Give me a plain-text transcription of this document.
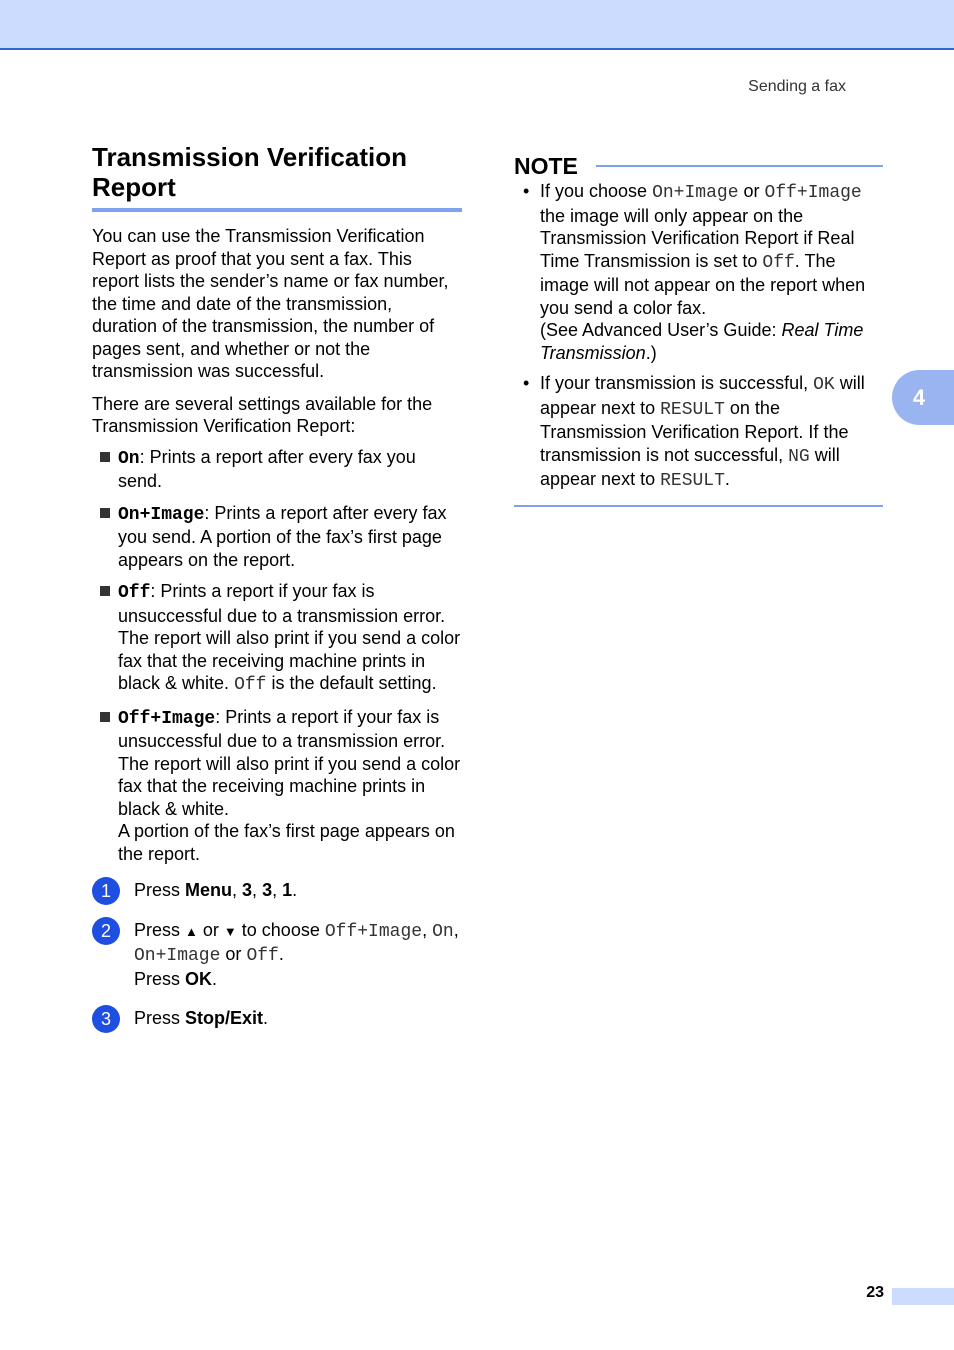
Sending a fax
4
Transmission Verification
Report

You can use the Transmission Verification Report as proof that you sent a fax. This report lists the sender’s name or fax number, the time and date of the transmission, duration of the transmission, the number of pages sent, and whether or not the transmission was successful.

There are several settings available for the Transmission Verification Report:

On: Prints a report after every fax you send.
On+Image: Prints a report after every fax you send. A portion of the fax’s first page appears on the report.
Off: Prints a report if your fax is unsuccessful due to a transmission error. The report will also print if you send a color fax that the receiving machine prints in black & white. Off is the default setting.
Off+Image: Prints a report if your fax is unsuccessful due to a transmission error. The report will also print if you send a color fax that the receiving machine prints in black & white.
A portion of the fax’s first page appears on the report.
1	Press Menu, 3, 3, 1.
2	Press ▲ or ▼ to choose Off+Image, On, On+Image or Off.
Press OK.
3	Press Stop/Exit.
NOTE
• If you choose On+Image or Off+Image the image will only appear on the Transmission Verification Report if Real Time Transmission is set to Off. The image will not appear on the report when you send a color fax.
(See Advanced User’s Guide: Real Time Transmission.)
• If your transmission is successful, OK will appear next to RESULT on the Transmission Verification Report. If the transmission is not successful, NG will appear next to RESULT.
23
